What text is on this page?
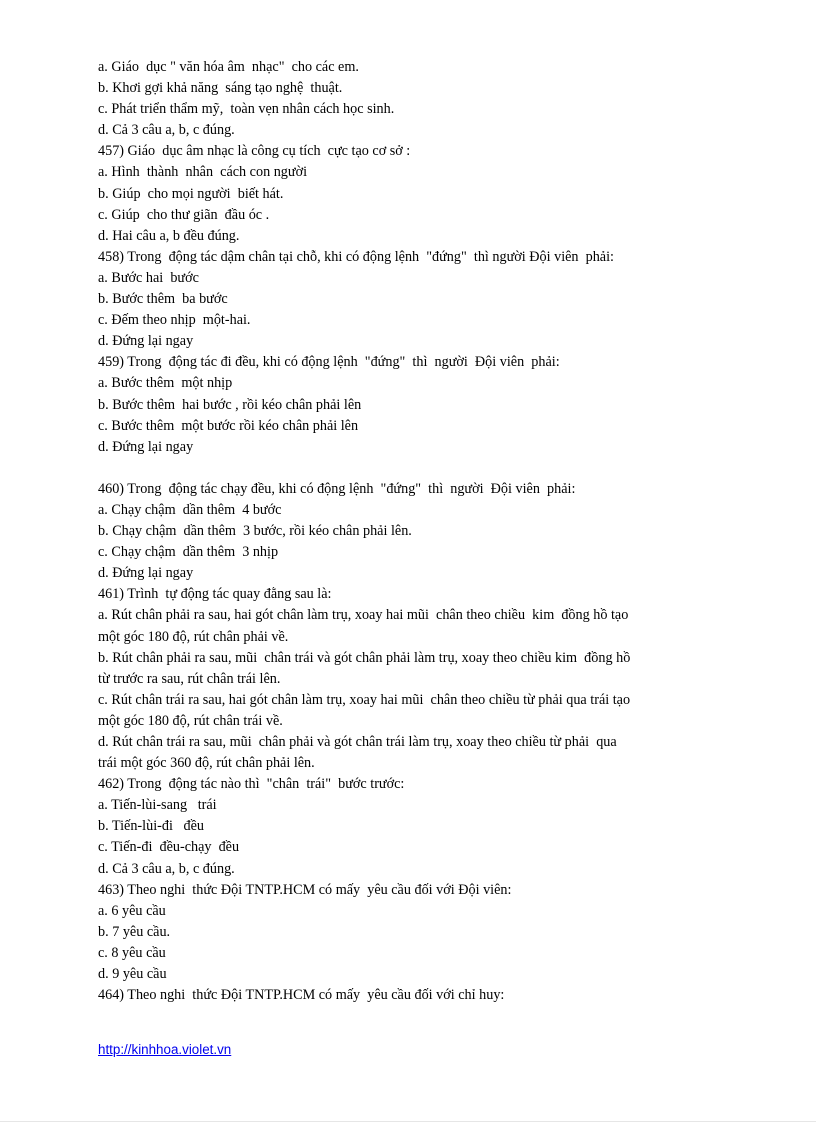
a. Giáo  dục " văn hóa âm  nhạc"  cho các em.

b. Khơi gợi khả năng  sáng tạo nghệ  thuật.

c. Phát triển thẩm mỹ,  toàn vẹn nhân cách học sinh.

d. Cả 3 câu a, b, c đúng.

457) Giáo  dục âm nhạc là công cụ tích  cực tạo cơ sở :

a. Hình  thành  nhân  cách con người

b. Giúp  cho mọi người  biết hát.

c. Giúp  cho thư giãn  đầu óc .

d. Hai câu a, b đều đúng.

458) Trong  động tác dậm chân tại chỗ, khi có động lệnh  "đứng"  thì người Đội viên  phải:

a. Bước hai  bước

b. Bước thêm  ba bước

c. Đếm theo nhịp  một-hai.

d. Đứng lại ngay

459) Trong  động tác đi đều, khi có động lệnh  "đứng"  thì  người  Đội viên  phải:

a. Bước thêm  một nhịp

b. Bước thêm  hai bước , rồi kéo chân phải lên

c. Bước thêm  một bước rồi kéo chân phải lên

d. Đứng lại ngay

460) Trong  động tác chạy đều, khi có động lệnh  "đứng"  thì  người  Đội viên  phải:

a. Chạy chậm  dần thêm  4 bước

b. Chạy chậm  dần thêm  3 bước, rồi kéo chân phải lên.

c. Chạy chậm  dần thêm  3 nhịp

d. Đứng lại ngay

461) Trình  tự động tác quay đằng sau là:

a. Rút chân phải ra sau, hai gót chân làm trụ, xoay hai mũi  chân theo chiều  kim  đồng hồ tạo

một góc 180 độ, rút chân phải về.

b. Rút chân phải ra sau, mũi  chân trái và gót chân phải làm trụ, xoay theo chiều kim  đồng hồ

từ trước ra sau, rút chân trái lên.

c. Rút chân trái ra sau, hai gót chân làm trụ, xoay hai mũi  chân theo chiều từ phải qua trái tạo

một góc 180 độ, rút chân trái về.

d. Rút chân trái ra sau, mũi  chân phải và gót chân trái làm trụ, xoay theo chiều từ phải  qua

trái một góc 360 độ, rút chân phải lên.

462) Trong  động tác nào thì  "chân  trái"  bước trước:

a. Tiến-lùi-sang   trái

b. Tiến-lùi-đi   đều

c. Tiến-đi  đều-chạy  đều

d. Cả 3 câu a, b, c đúng.

463) Theo nghi  thức Đội TNTP.HCM có mấy  yêu cầu đối với Đội viên:

a. 6 yêu cầu

b. 7 yêu cầu.

c. 8 yêu cầu

d. 9 yêu cầu

464) Theo nghi  thức Đội TNTP.HCM có mấy  yêu cầu đối với chỉ huy:

http://kinhhoa.violet.vn
